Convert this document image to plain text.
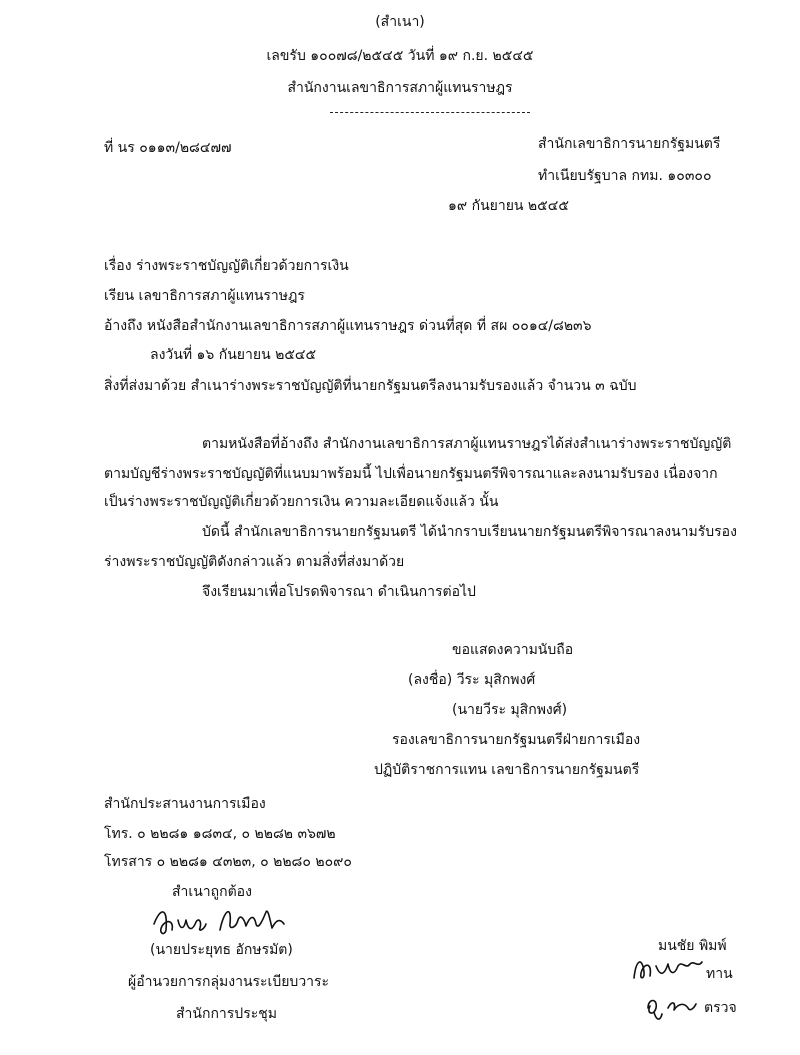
(สำเนา)
เลขรับ ๑๐๐๗๘/๒๕๔๕ วันที่ ๑๙ ก.ย. ๒๕๔๕
สำนักงานเลขาธิการสภาผู้แทนราษฎร
ที่ นร ๐๑๑๓/๒๘๔๗๗	สำนักเลขาธิการนายกรัฐมนตรี
ทำเนียบรัฐบาล กทม. ๑๐๓๐๐
๑๙ กันยายน ๒๕๔๕
เรื่อง ร่างพระราชบัญญัติเกี่ยวด้วยการเงิน
เรียน เลขาธิการสภาผู้แทนราษฎร
อ้างถึง หนังสือสำนักงานเลขาธิการสภาผู้แทนราษฎร ด่วนที่สุด ที่ สผ ๐๐๑๔/๘๒๓๖
ลงวันที่ ๑๖ กันยายน ๒๕๔๕
สิ่งที่ส่งมาด้วย สำเนาร่างพระราชบัญญัติที่นายกรัฐมนตรีลงนามรับรองแล้ว จำนวน ๓ ฉบับ
ตามหนังสือที่อ้างถึง สำนักงานเลขาธิการสภาผู้แทนราษฎรได้ส่งสำเนาร่างพระราชบัญญัติ
ตามบัญชีร่างพระราชบัญญัติที่แนบมาพร้อมนี้ ไปเพื่อนายกรัฐมนตรีพิจารณาและลงนามรับรอง เนื่องจาก
เป็นร่างพระราชบัญญัติเกี่ยวด้วยการเงิน ความละเอียดแจ้งแล้ว นั้น
บัดนี้ สำนักเลขาธิการนายกรัฐมนตรี ได้นำกราบเรียนนายกรัฐมนตรีพิจารณาลงนามรับรอง
ร่างพระราชบัญญัติดังกล่าวแล้ว ตามสิ่งที่ส่งมาด้วย
จึงเรียนมาเพื่อโปรดพิจารณา ดำเนินการต่อไป
ขอแสดงความนับถือ
(ลงชื่อ) วีระ มุสิกพงศ์
(นายวีระ มุสิกพงศ์)
รองเลขาธิการนายกรัฐมนตรีฝ่ายการเมือง
ปฏิบัติราชการแทน เลขาธิการนายกรัฐมนตรี
สำนักประสานงานการเมือง
โทร. ๐ ๒๒๘๑ ๑๘๓๔, ๐ ๒๒๘๒ ๓๖๗๒
โทรสาร ๐ ๒๒๘๑ ๔๓๒๓, ๐ ๒๒๘๐ ๒๐๙๐
สำเนาถูกต้อง
(นายประยุทธ อักษรมัต)
ผู้อำนวยการกลุ่มงานระเบียบวาระ
สำนักการประชุม
มนชัย พิมพ์
ทาน
ตรวจ
